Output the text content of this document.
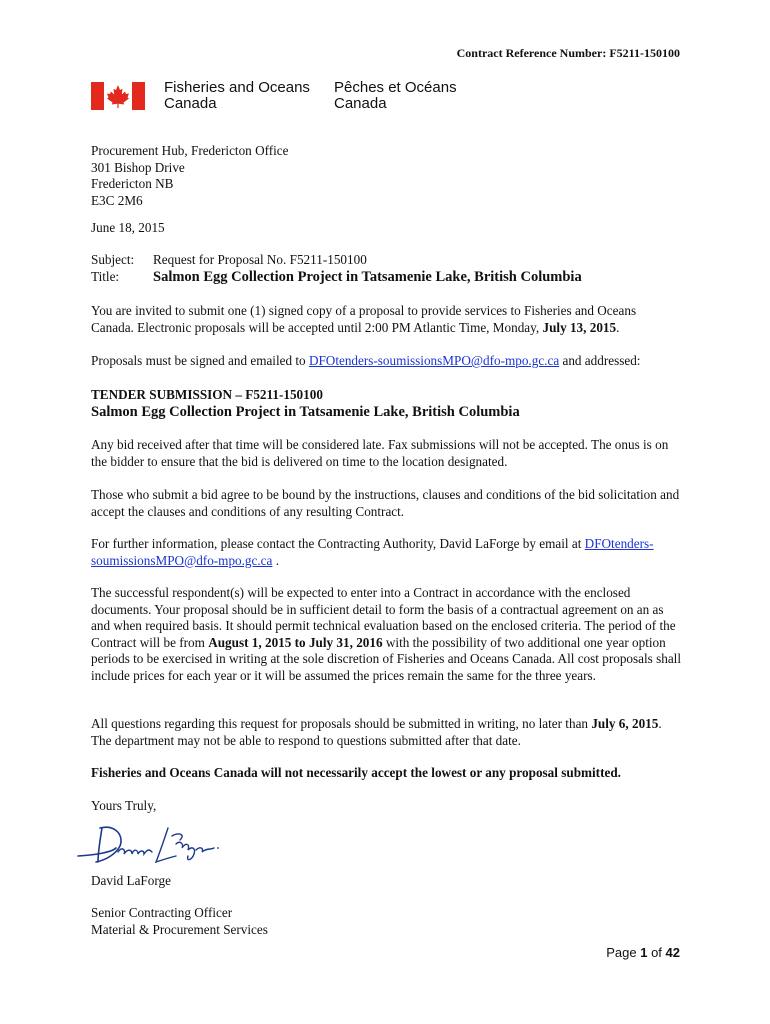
Contract Reference Number: F5211-150100
Fisheries and Oceans
Canada
Pêches et Océans
Canada
Procurement Hub, Fredericton Office
301 Bishop Drive
Fredericton NB
E3C 2M6
June 18, 2015
Subject:	Request for Proposal No. F5211-150100
Title:	Salmon Egg Collection Project in Tatsamenie Lake, British Columbia

You are invited to submit one (1) signed copy of a proposal to provide services to Fisheries and Oceans Canada. Electronic proposals will be accepted until 2:00 PM Atlantic Time, Monday, July 13, 2015.

Proposals must be signed and emailed to DFOtenders-soumissionsMPO@dfo-mpo.gc.ca and addressed:

TENDER SUBMISSION – F5211-150100
Salmon Egg Collection Project in Tatsamenie Lake, British Columbia

Any bid received after that time will be considered late. Fax submissions will not be accepted. The onus is on the bidder to ensure that the bid is delivered on time to the location designated.

Those who submit a bid agree to be bound by the instructions, clauses and conditions of the bid solicitation and accept the clauses and conditions of any resulting Contract.

For further information, please contact the Contracting Authority, David LaForge by email at DFOtenders-soumissionsMPO@dfo-mpo.gc.ca .

The successful respondent(s) will be expected to enter into a Contract in accordance with the enclosed documents. Your proposal should be in sufficient detail to form the basis of a contractual agreement on an as and when required basis. It should permit technical evaluation based on the enclosed criteria. The period of the Contract will be from August 1, 2015 to July 31, 2016 with the possibility of two additional one year option periods to be exercised in writing at the sole discretion of Fisheries and Oceans Canada. All cost proposals shall include prices for each year or it will be assumed the prices remain the same for the three years.

All questions regarding this request for proposals should be submitted in writing, no later than July 6, 2015. The department may not be able to respond to questions submitted after that date.

Fisheries and Oceans Canada will not necessarily accept the lowest or any proposal submitted.

Yours Truly,
David LaForge
Senior Contracting Officer
Material & Procurement Services
Page 1 of 42
